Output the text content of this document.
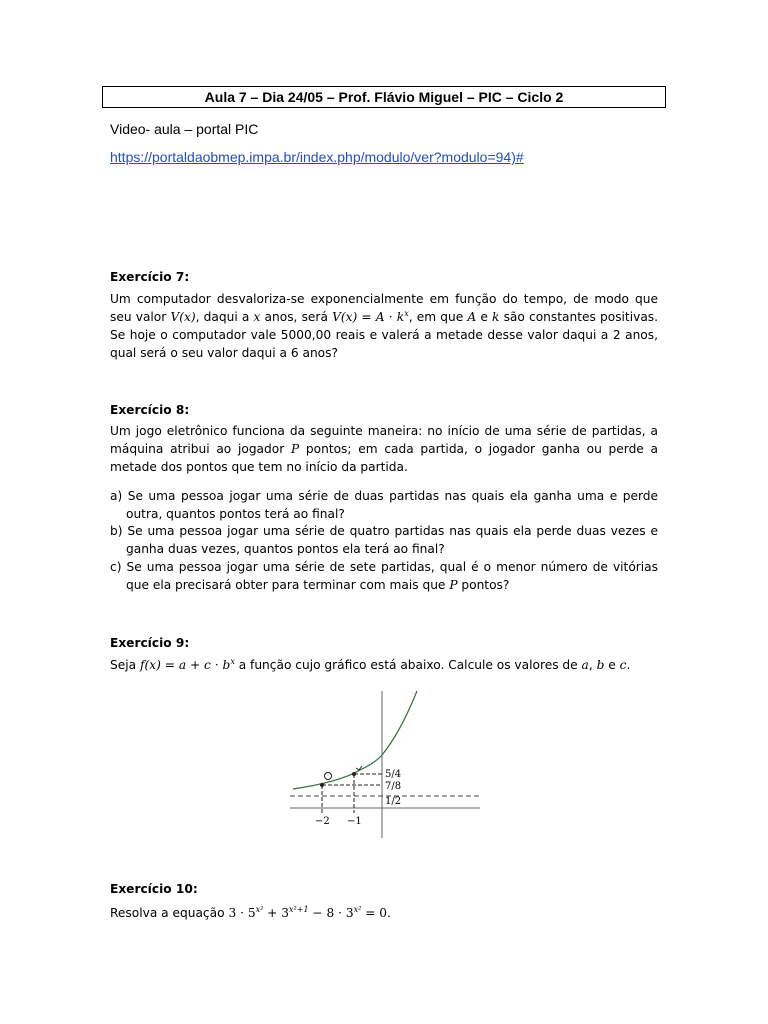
Aula 7 – Dia 24/05 – Prof. Flávio Miguel – PIC – Ciclo 2
Video- aula – portal PIC
https://portaldaobmep.impa.br/index.php/modulo/ver?modulo=94)#
Exercício 7:
Um computador desvaloriza-se exponencialmente em função do tempo, de modo que seu valor V(x), daqui a x anos, será $V(x) = A \cdot k^x$, em que A e k são constantes positivas. Se hoje o computador vale 5000,00 reais e valerá a metade desse valor daqui a 2 anos, qual será o seu valor daqui a 6 anos?
Exercício 8:
Um jogo eletrônico funciona da seguinte maneira: no início de uma série de partidas, a máquina atribui ao jogador P pontos; em cada partida, o jogador ganha ou perde a metade dos pontos que tem no início da partida.
a) Se uma pessoa jogar uma série de duas partidas nas quais ela ganha uma e perde outra, quantos pontos terá ao final?
b) Se uma pessoa jogar uma série de quatro partidas nas quais ela perde duas vezes e ganha duas vezes, quantos pontos ela terá ao final?
c) Se uma pessoa jogar uma série de sete partidas, qual é o menor número de vitórias que ela precisará obter para terminar com mais que P pontos?
Exercício 9:
Seja $f(x) = a + c \cdot b^x$ a função cujo gráfico está abaixo. Calcule os valores de a, b e c.
5/4
7/8
1/2
−2 −1
Exercício 10:
Resolva a equação $3 \cdot 5^{x^2} + 3^{x^2+1} - 8 \cdot 3^{x^2} = 0$.
